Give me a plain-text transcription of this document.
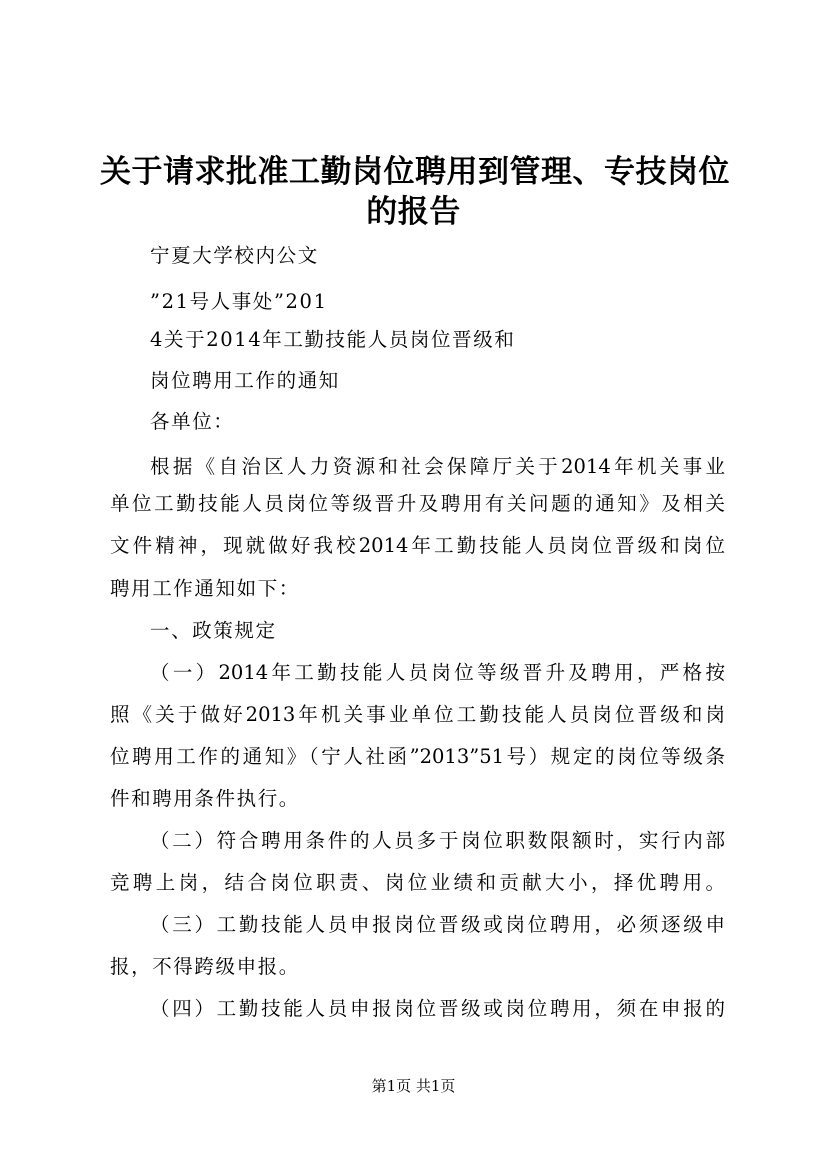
关于请求批准工勤岗位聘用到管理、专技岗位
的报告
宁夏大学校内公文
”21号人事处”201
4关于2014年工勤技能人员岗位晋级和
岗位聘用工作的通知
各单位：
根据《自治区人力资源和社会保障厅关于2014年机关事业
单位工勤技能人员岗位等级晋升及聘用有关问题的通知》及相关
文件精神，现就做好我校2014年工勤技能人员岗位晋级和岗位
聘用工作通知如下：
一、政策规定
（一）2014年工勤技能人员岗位等级晋升及聘用，严格按
照《关于做好2013年机关事业单位工勤技能人员岗位晋级和岗
位聘用工作的通知》（宁人社函”2013”51号）规定的岗位等级条
件和聘用条件执行。
（二）符合聘用条件的人员多于岗位职数限额时，实行内部
竞聘上岗，结合岗位职责、岗位业绩和贡献大小，择优聘用。
（三）工勤技能人员申报岗位晋级或岗位聘用，必须逐级申
报，不得跨级申报。
（四）工勤技能人员申报岗位晋级或岗位聘用，须在申报的
第1页 共1页
